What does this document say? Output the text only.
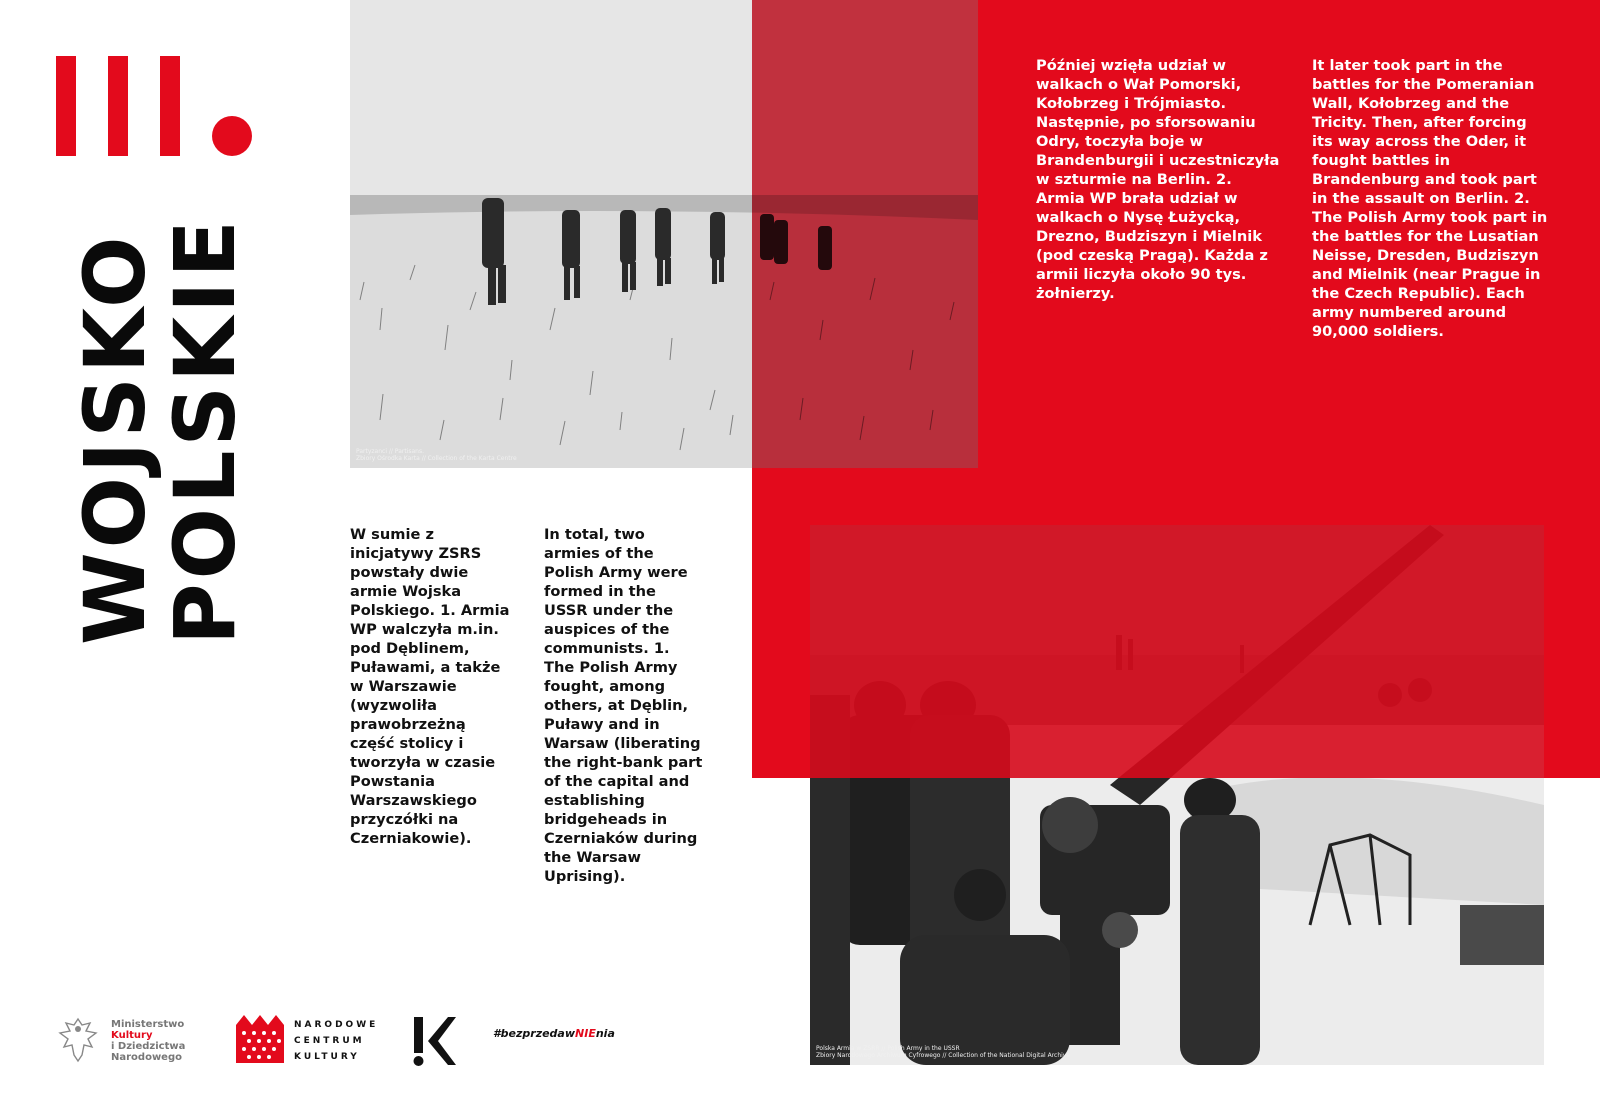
WOJSKO
POLSKIE	Partyzanci // Partisans.
Zbiory Ośrodka Karta // Collection of the Karta Centre
Później wzięła udział w walkach o Wał Pomorski, Kołobrzeg i Trójmiasto. Następnie, po sforsowaniu Odry, toczyła boje w Brandenburgii i uczestniczyła w szturmie na Berlin. 2. Armia WP brała udział w walkach o Nysę Łużycką, Drezno, Budziszyn i Mielnik (pod czeską Pragą). Każda z armii liczyła około 90 tys. żołnierzy.
It later took part in the battles for the Pomeranian Wall, Kołobrzeg and the Tricity. Then, after forcing its way across the Oder, it fought battles in Brandenburg and took part in the assault on Berlin. 2. The Polish Army took part in the battles for the Lusatian Neisse, Dresden, Budziszyn and Mielnik (near Prague in the Czech Republic). Each army numbered around 90,000 soldiers.
W sumie z inicjatywy ZSRS powstały dwie armie Wojska Polskiego. 1. Armia WP walczyła m.in. pod Dęblinem, Puławami, a także w Warszawie (wyzwoliła prawobrzeżną część stolicy i tworzyła w czasie Powstania Warszawskiego przyczółki na Czerniakowie).
In total, two armies of the Polish Army were formed in the USSR under the auspices of the communists. 1. The Polish Army fought, among others, at Dęblin, Puławy and in Warsaw (liberating the right-bank part of the capital and establishing bridgeheads in Czerniaków during the Warsaw Uprising).
Polska Armia w ZSRR // Polish Army in the USSR
Zbiory Narodowego Archiwum Cyfrowego // Collection of the National Digital Archive
Ministerstwo
Kultury
i Dziedzictwa
Narodowego
NARODOWE
CENTRUM
KULTURY
#bezprzedawNIEnia
